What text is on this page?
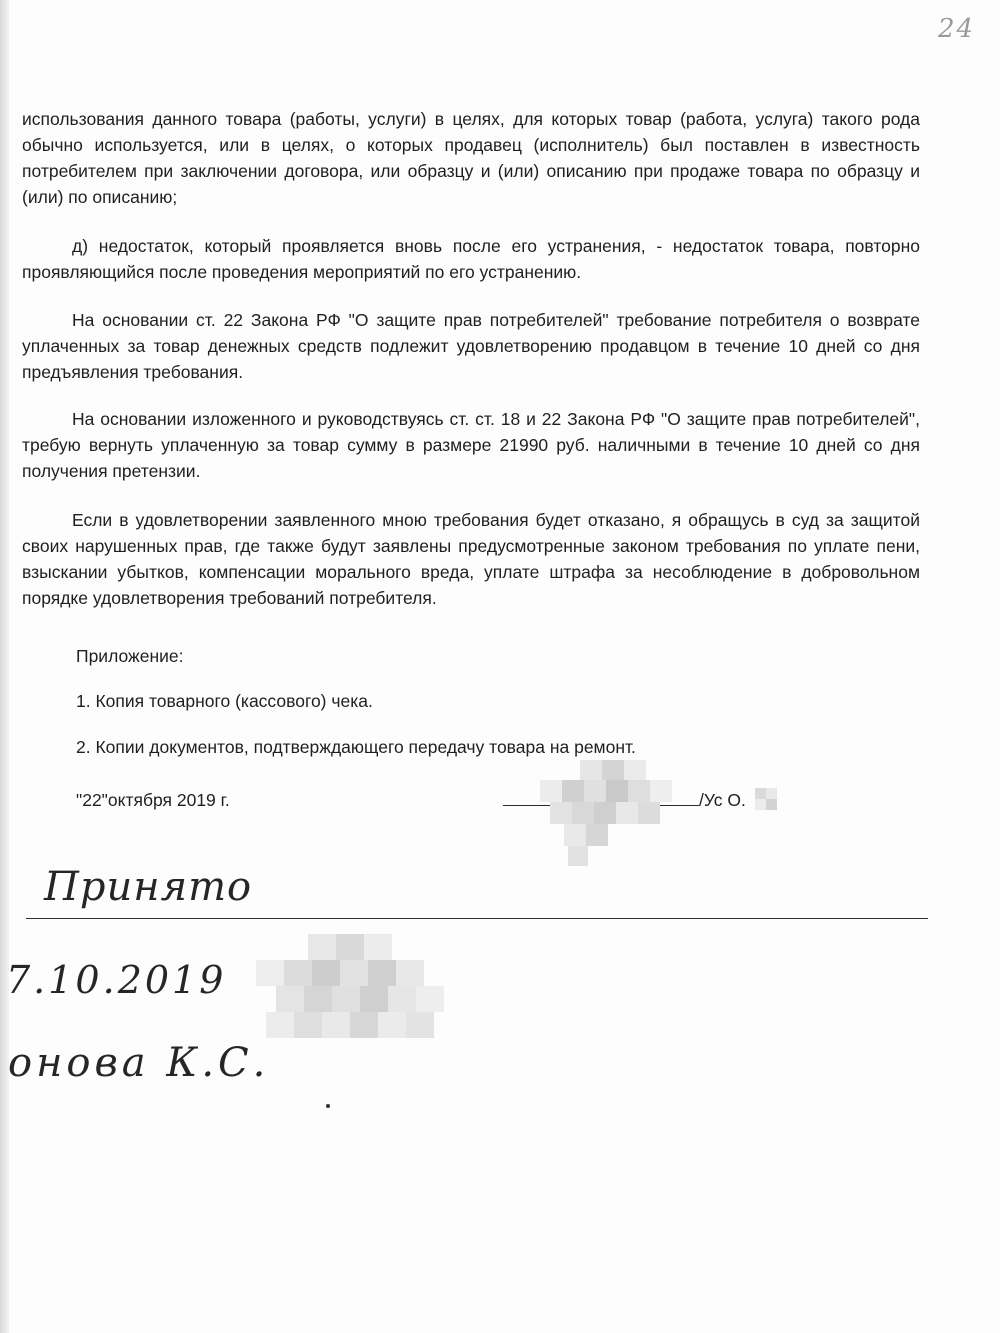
24

использования данного товара (работы, услуги) в целях, для которых товар (работа, услуга) такого рода обычно используется, или в целях, о которых продавец (исполнитель) был поставлен в известность потребителем при заключении договора, или образцу и (или) описанию при продаже товара по образцу и (или) по описанию;

д) недостаток, который проявляется вновь после его устранения, - недостаток товара, повторно проявляющийся после проведения мероприятий по его устранению.

На основании ст. 22 Закона РФ "О защите прав потребителей" требование потребителя о возврате уплаченных за товар денежных средств подлежит удовлетворению продавцом в течение 10 дней со дня предъявления требования.

На основании изложенного и руководствуясь ст. ст. 18 и 22 Закона РФ "О защите прав потребителей", требую вернуть уплаченную за товар сумму в размере 21990 руб. наличными в течение 10 дней со дня получения претензии.

Если в удовлетворении заявленного мною требования будет отказано, я обращусь в суд за защитой своих нарушенных прав, где также будут заявлены предусмотренные законом требования по уплате пени, взыскании убытков, компенсации морального вреда, уплате штрафа за несоблюдение в добровольном порядке удовлетворения требований потребителя.

Приложение:

1. Копия товарного (кассового) чека.

2. Копии документов, подтверждающего передачу товара на ремонт.

"22"октября 2019 г.	/Ус О.
Принято
7.10.2019
онова К.С.
